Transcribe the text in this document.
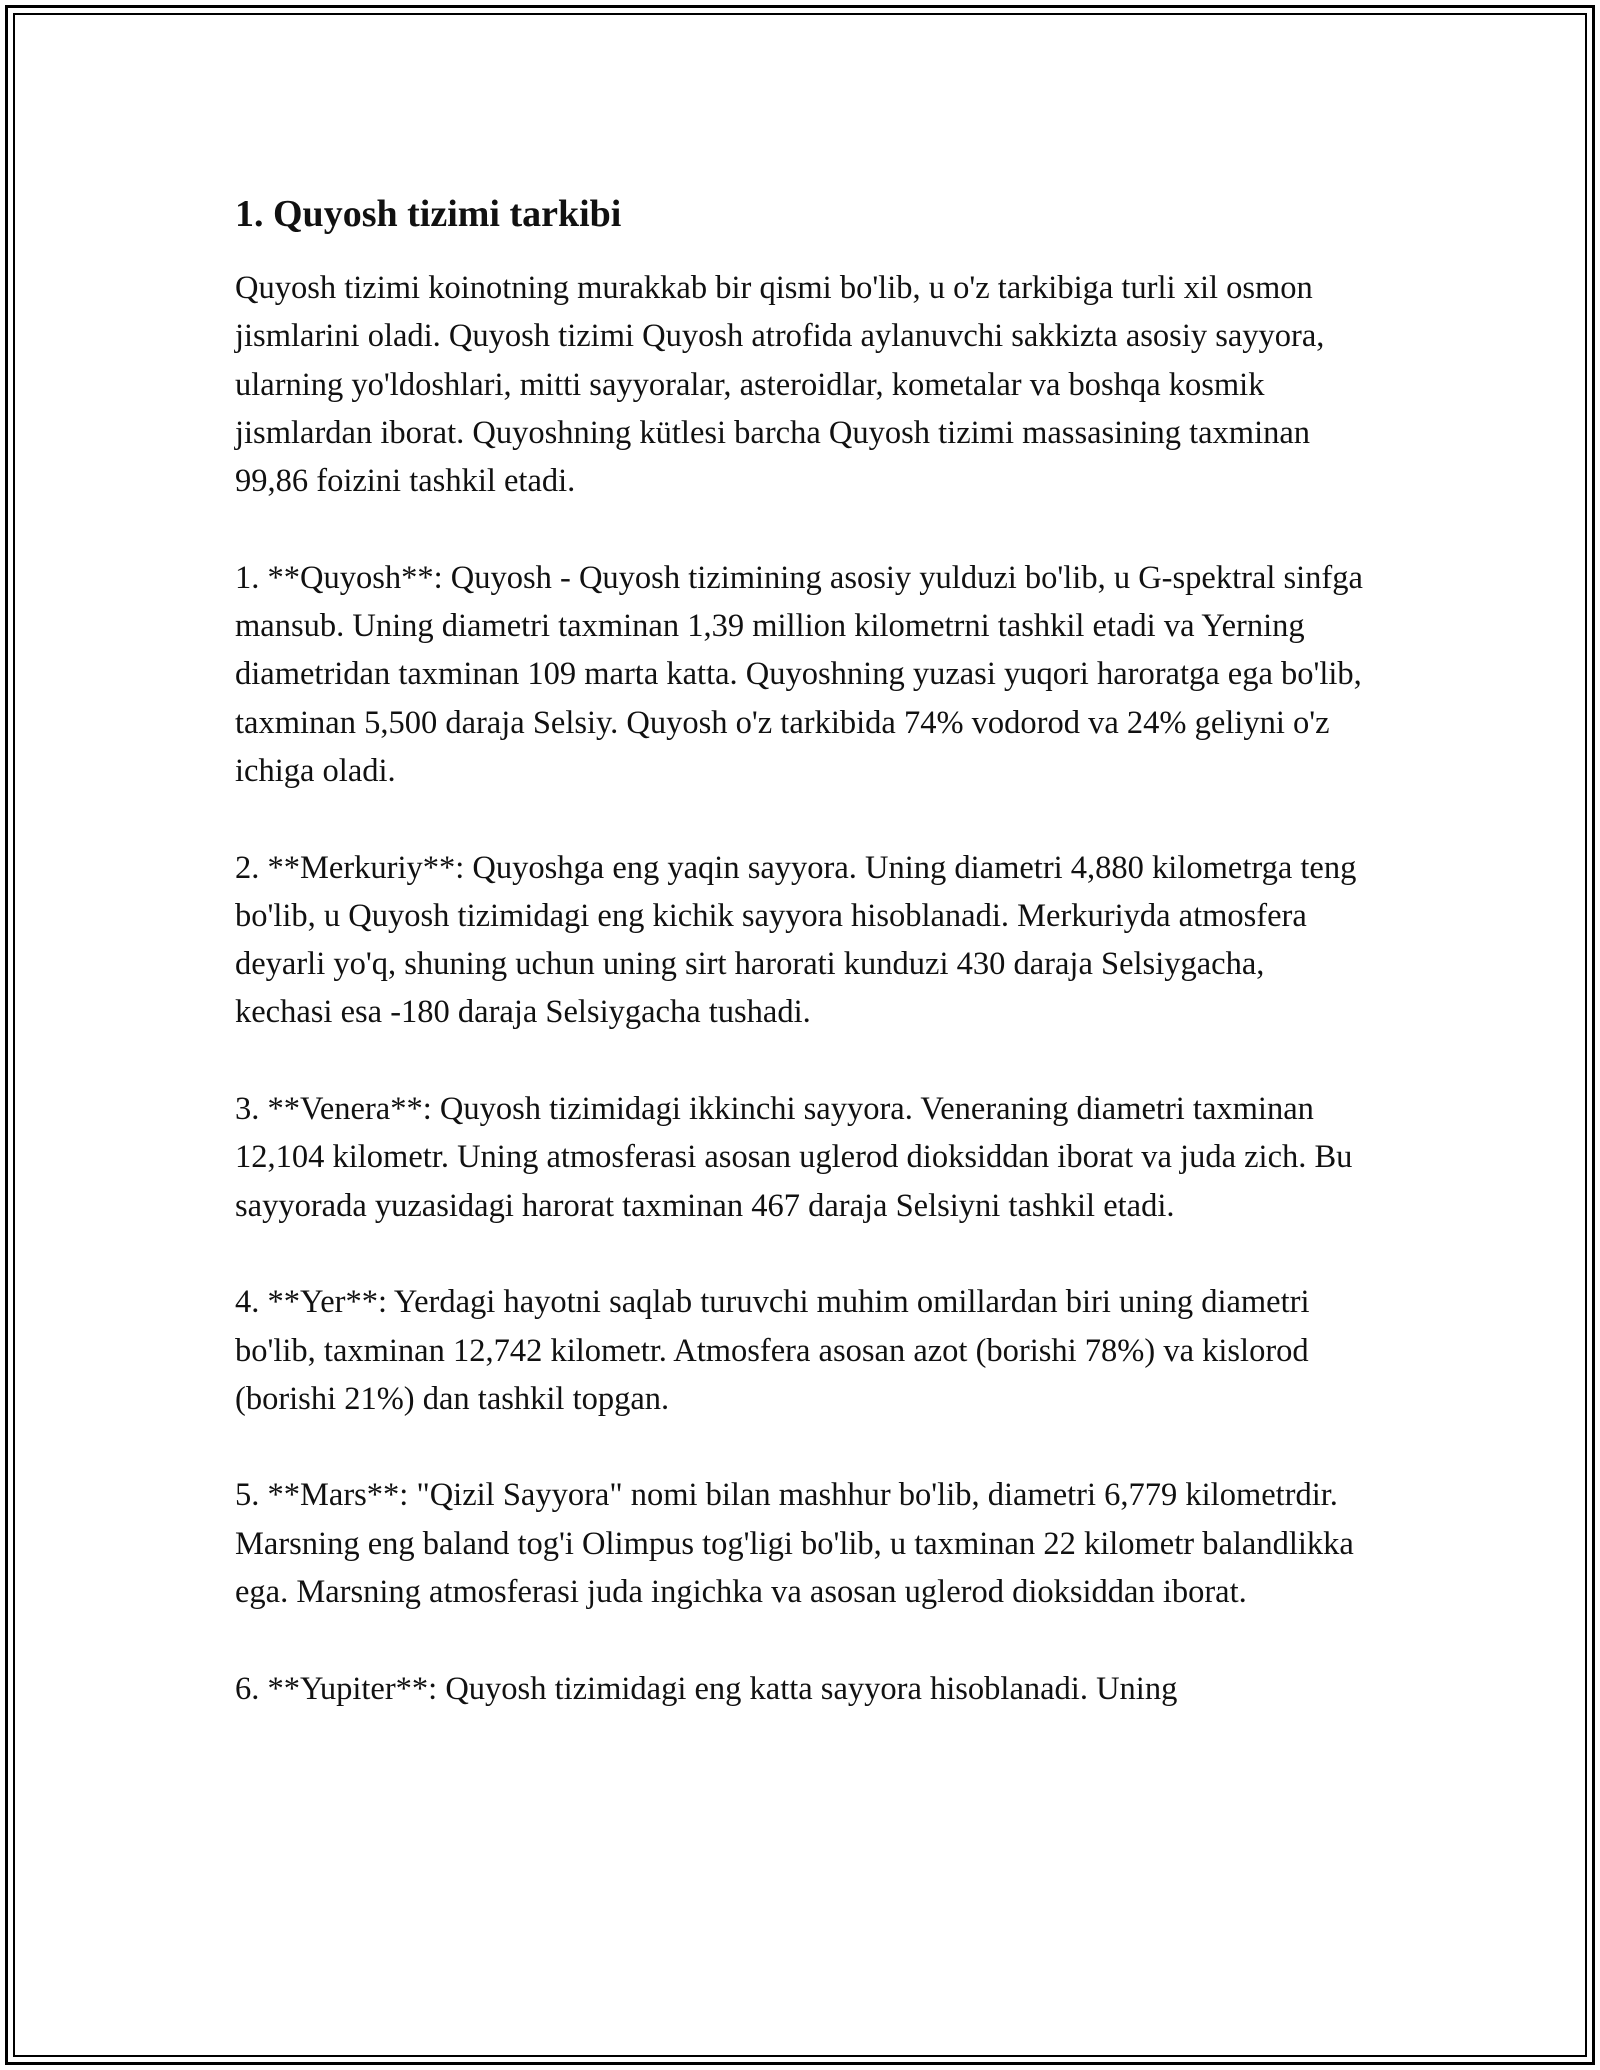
1. Quyosh tizimi tarkibi

Quyosh tizimi koinotning murakkab bir qismi bo'lib, u o'z tarkibiga turli xil osmon jismlarini oladi. Quyosh tizimi Quyosh atrofida aylanuvchi sakkizta asosiy sayyora, ularning yo'ldoshlari, mitti sayyoralar, asteroidlar, kometalar va boshqa kosmik jismlardan iborat. Quyoshning kütlesi barcha Quyosh tizimi massasining taxminan 99,86 foizini tashkil etadi.

1. **Quyosh**: Quyosh - Quyosh tizimining asosiy yulduzi bo'lib, u G-spektral sinfga mansub. Uning diametri taxminan 1,39 million kilometrni tashkil etadi va Yerning diametridan taxminan 109 marta katta. Quyoshning yuzasi yuqori haroratga ega bo'lib, taxminan 5,500 daraja Selsiy. Quyosh o'z tarkibida 74% vodorod va 24% geliyni o'z ichiga oladi.

2. **Merkuriy**: Quyoshga eng yaqin sayyora. Uning diametri 4,880 kilometrga teng bo'lib, u Quyosh tizimidagi eng kichik sayyora hisoblanadi. Merkuriyda atmosfera deyarli yo'q, shuning uchun uning sirt harorati kunduzi 430 daraja Selsiygacha, kechasi esa -180 daraja Selsiygacha tushadi.

3. **Venera**: Quyosh tizimidagi ikkinchi sayyora. Veneraning diametri taxminan 12,104 kilometr. Uning atmosferasi asosan uglerod dioksiddan iborat va juda zich. Bu sayyorada yuzasidagi harorat taxminan 467 daraja Selsiyni tashkil etadi.

4. **Yer**: Yerdagi hayotni saqlab turuvchi muhim omillardan biri uning diametri bo'lib, taxminan 12,742 kilometr. Atmosfera asosan azot (borishi 78%) va kislorod (borishi 21%) dan tashkil topgan.

5. **Mars**: "Qizil Sayyora" nomi bilan mashhur bo'lib, diametri 6,779 kilometrdir. Marsning eng baland tog'i Olimpus tog'ligi bo'lib, u taxminan 22 kilometr balandlikka ega. Marsning atmosferasi juda ingichka va asosan uglerod dioksiddan iborat.

6. **Yupiter**: Quyosh tizimidagi eng katta sayyora hisoblanadi. Uning
